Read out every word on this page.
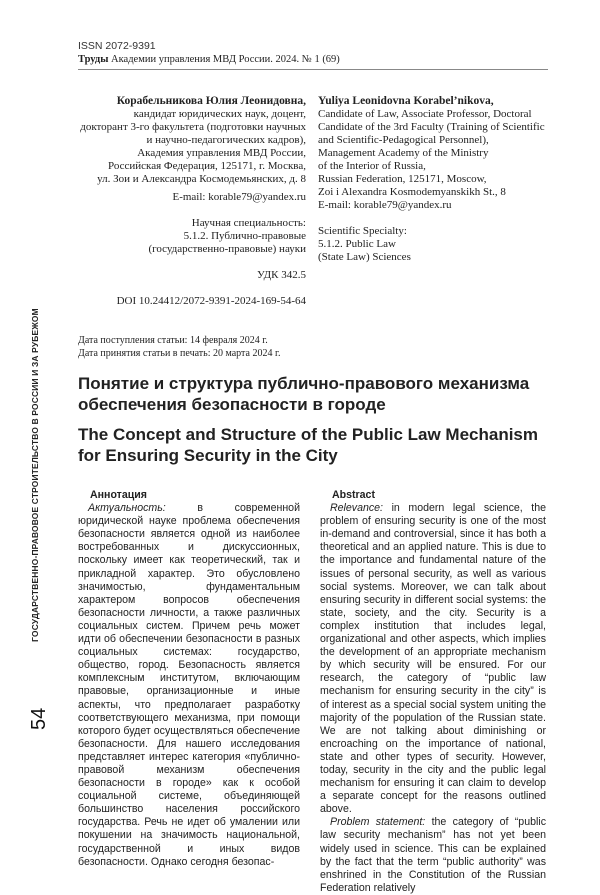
ISSN 2072-9391
Труды Академии управления МВД России. 2024. № 1 (69)
ГОСУДАРСТВЕННО-ПРАВОВОЕ СТРОИТЕЛЬСТВО В РОССИИ И ЗА РУБЕЖОМ
54
Корабельникова Юлия Леонидовна,
кандидат юридических наук, доцент,
докторант 3-го факультета (подготовки научных
и научно-педагогических кадров),
Академия управления МВД России,
Российская Федерация, 125171, г. Москва,
ул. Зои и Александра Космодемьянских, д. 8
E-mail: korable79@yandex.ru
Научная специальность:
5.1.2. Публично-правовые
(государственно-правовые) науки
УДК 342.5
DOI 10.24412/2072-9391-2024-169-54-64
Yuliya Leonidovna Korabel’nikova,
Candidate of Law, Associate Professor, Doctoral
Candidate of the 3rd Faculty (Training of Scientific
and Scientific-Pedagogical Personnel),
Management Academy of the Ministry
of the Interior of Russia,
Russian Federation, 125171, Moscow,
Zoi i Alexandra Kosmodemyanskikh St., 8
E-mail: korable79@yandex.ru
Scientific Specialty:
5.1.2. Public Law
(State Law) Sciences
Дата поступления статьи: 14 февраля 2024 г.
Дата принятия статьи в печать: 20 марта 2024 г.
Понятие и структура публично-правового механизма обеспечения безопасности в городе
The Concept and Structure of the Public Law Mechanism for Ensuring Security in the City
Аннотация

Актуальность: в современной юридической науке проблема обеспечения безопасности является одной из наиболее востребованных и дискуссионных, поскольку имеет как теоретический, так и прикладной характер. Это обусловлено значимостью, фундаментальным характером вопросов обеспечения безопасности личности, а также различных социальных систем. Причем речь может идти об обеспечении безопасности в разных социальных системах: государство, общество, город. Безопасность является комплексным институтом, включающим правовые, организационные и иные аспекты, что предполагает разработку соответствующего механизма, при помощи которого будет осуществляться обеспечение безопасности. Для нашего исследования представляет интерес категория «публично-правовой механизм обеспечения безопасности в городе» как к особой социальной системе, объединяющей большинство населения российского государства. Речь не идет об умалении или покушении на значимость национальной, государственной и иных видов безопасности. Однако сегодня безопас-

Abstract

Relevance: in modern legal science, the problem of ensuring security is one of the most in-demand and controversial, since it has both a theoretical and an applied nature. This is due to the importance and fundamental nature of the issues of personal security, as well as various social systems. Moreover, we can talk about ensuring security in different social systems: the state, society, and the city. Security is a complex institution that includes legal, organizational and other aspects, which implies the development of an appropriate mechanism by which security will be ensured. For our research, the category of “public law mechanism for ensuring security in the city” is of interest as a special social system uniting the majority of the population of the Russian state. We are not talking about diminishing or encroaching on the importance of national, state and other types of security. However, today, security in the city and the public legal mechanism for ensuring it can claim to develop a separate concept for the reasons outlined above.

Problem statement: the category of “public law security mechanism” has not yet been widely used in science. This can be explained by the fact that the term “public authority” was enshrined in the Constitution of the Russian Federation relatively
